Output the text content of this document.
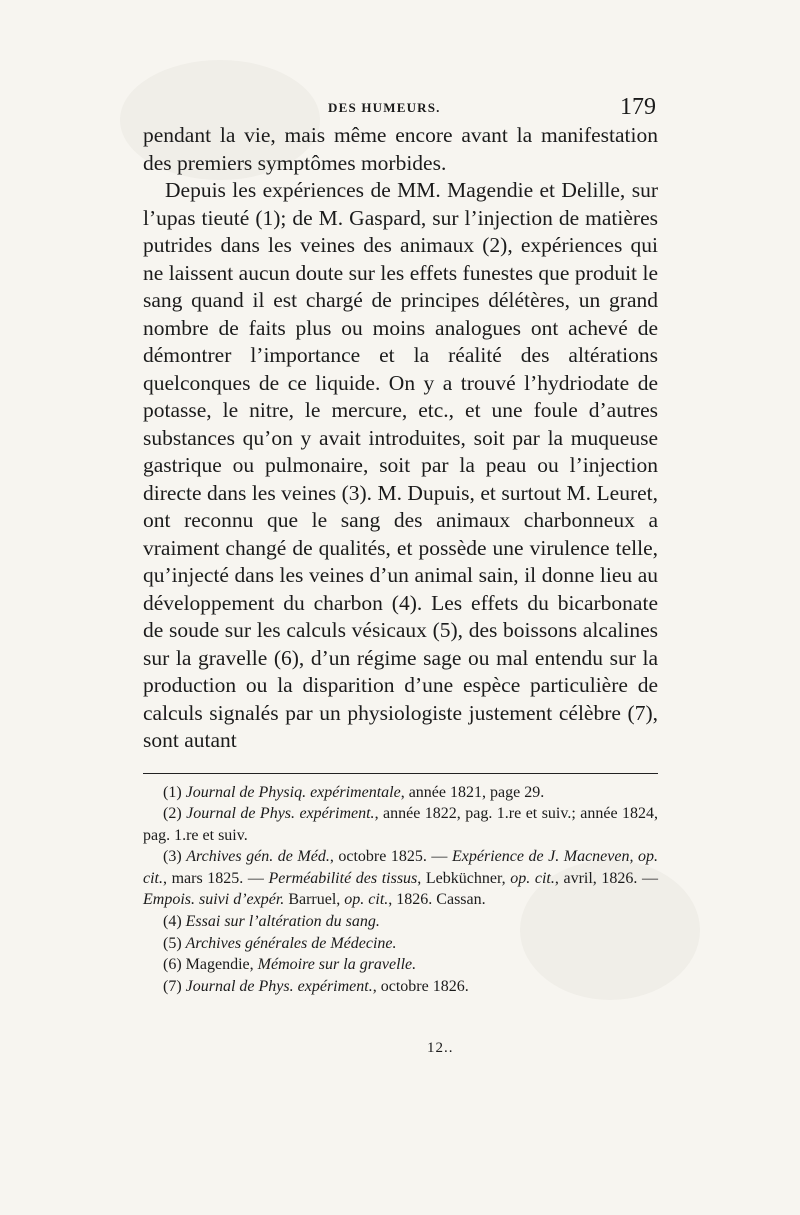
DES HUMEURS.	179

pendant la vie, mais même encore avant la manifestation des premiers symptômes morbides.

Depuis les expériences de MM. Magendie et Delille, sur l’upas tieuté (1); de M. Gaspard, sur l’injection de matières putrides dans les veines des animaux (2), expériences qui ne laissent aucun doute sur les effets funestes que produit le sang quand il est chargé de principes délétères, un grand nombre de faits plus ou moins analogues ont achevé de démontrer l’importance et la réalité des altérations quelconques de ce liquide. On y a trouvé l’hydriodate de potasse, le nitre, le mercure, etc., et une foule d’autres substances qu’on y avait introduites, soit par la muqueuse gastrique ou pulmonaire, soit par la peau ou l’injection directe dans les veines (3). M. Dupuis, et surtout M. Leuret, ont reconnu que le sang des animaux charbonneux a vraiment changé de qualités, et possède une virulence telle, qu’injecté dans les veines d’un animal sain, il donne lieu au développement du charbon (4). Les effets du bicarbonate de soude sur les calculs vésicaux (5), des boissons alcalines sur la gravelle (6), d’un régime sage ou mal entendu sur la production ou la disparition d’une espèce particulière de calculs signalés par un physiologiste justement célèbre (7), sont autant

(1) Journal de Physiq. expérimentale, année 1821, page 29.

(2) Journal de Phys. expériment., année 1822, pag. 1.re et suiv.; année 1824, pag. 1.re et suiv.

(3) Archives gén. de Méd., octobre 1825. — Expérience de J. Macneven, op. cit., mars 1825. — Perméabilité des tissus, Lebküchner, op. cit., avril, 1826. — Empois. suivi d’expér. Barruel, op. cit., 1826. Cassan.

(4) Essai sur l’altération du sang.

(5) Archives générales de Médecine.

(6) Magendie, Mémoire sur la gravelle.

(7) Journal de Phys. expériment., octobre 1826.

12..
